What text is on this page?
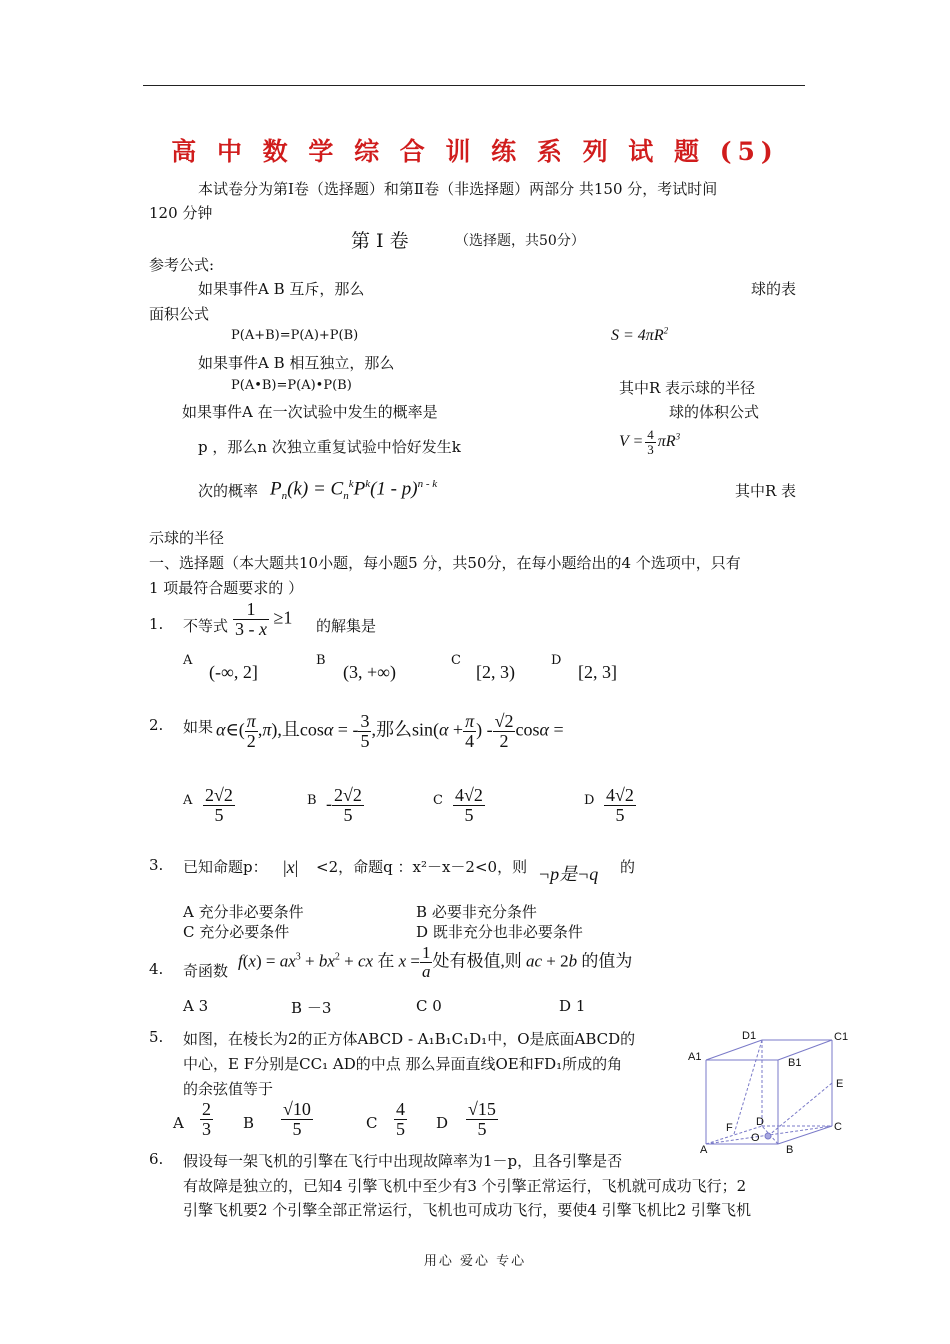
高 中 数 学 综 合 训 练 系 列 试 题 (5)
本试卷分为第Ⅰ卷（选择题）和第Ⅱ卷（非选择题）两部分 共150 分，考试时间
120 分钟
第 Ⅰ 卷	（选择题，共50分）
参考公式:
如果事件A B 互斥，那么	球的表
面积公式
P(A+B)=P(A)+P(B)	$S = 4\pi R^2$
如果事件A B 相互独立，那么
P(A•B)=P(A)•P(B)	其中R 表示球的半径
如果事件A 在一次试验中发生的概率是	球的体积公式
p ，那么n 次独立重复试验中恰好发生k	$V = \frac{4}{3} \pi R^3$
次的概率 $P_n(k) = C_n^kP^k(1 - p)^{n - k}$	其中R 表
示球的半径
一、选择题（本大题共10小题，每小题5 分，共50分，在每小题给出的4 个选项中，只有
1 项最符合题要求的 ）
1. 不等式 $\frac{1}{3 - x} \ge 1$ 的解集是
A
(-∞, 2]
B
(3, +∞)
C
[2, 3)
D
[2, 3]
2. 如果 α∈( $\frac{\pi}{2} ,\pi$),且cosα = - $\frac{3}{5}$ ,那么$\sin(\alpha + \frac{\pi}{4}$ ) - $\frac{√2}{2}$ cosα =
A $\frac{2√2}{5}$	B - $\frac{2√2}{5}$	C $\frac{4√2}{5}$	D $\frac{4√2}{5}$
3. 已知命题p： |x| <2，命题q ：x²－x－2<0，则 ¬p是¬q 的
A 充分非必要条件	B 必要非充分条件
C 充分必要条件	D 既非充分也非必要条件
4. 奇函数
$f(x) = ax^3 + bx^2$ + cx 在 $x = \frac{1}{a}$ 处有极值,则 ac + 2b 的值为
A 3	B －3	C 0	D 1
5. 如图，在棱长为2的正方体ABCD - A₁B₁C₁D₁中，O是底面ABCD的
中心，E F分别是CC₁ AD的中点 那么异面直线OE和FD₁所成的角
的余弦值等于
A $\frac{2}{3}$ B $\frac{√10}{5}$	C $\frac{4}{5}$ D $\frac{√15}{5}$
D1	C1
A1	B1
E
D
F
O
C
A	B
6. 假设每一架飞机的引擎在飞行中出现故障率为1－p，且各引擎是否
有故障是独立的，已知4 引擎飞机中至少有3 个引擎正常运行，飞机就可成功飞行；2
引擎飞机要2 个引擎全部正常运行，飞机也可成功飞行，要使4 引擎飞机比2 引擎飞机
用心 爱心 专心
